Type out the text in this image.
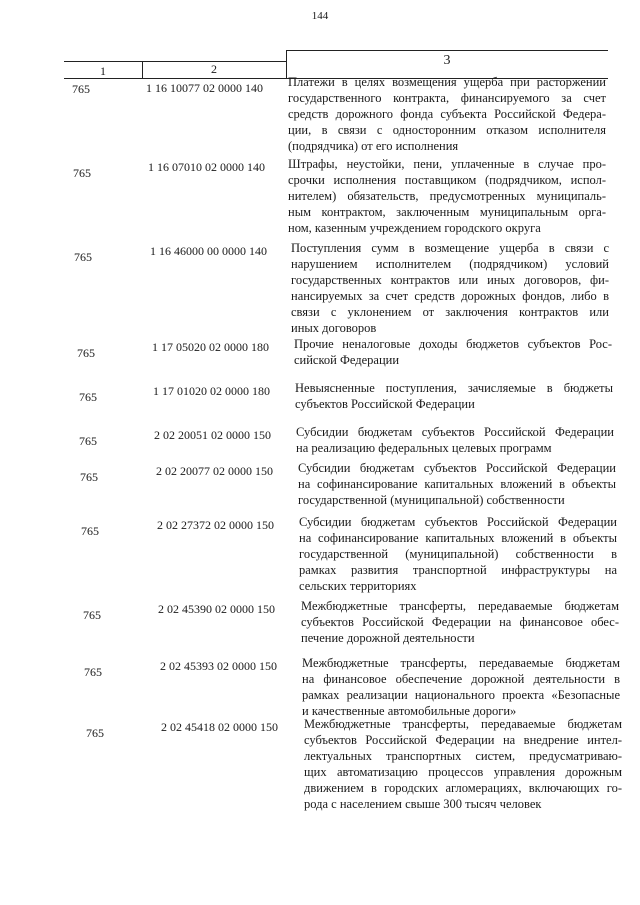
144
1	2
3
765	1 16 10077 02 0000 140 Платежи в целях возмещения ущерба при расторжении
государственного контракта, финансируемого за счет
средств дорожного фонда субъекта Российской Федера-
ции, в связи с односторонним отказом исполнителя
(подрядчика) от его исполнения
765	1 16 07010 02 0000 140 Штрафы, неустойки, пени, уплаченные в случае про-
срочки исполнения поставщиком (подрядчиком, испол-
нителем) обязательств, предусмотренных муниципаль-
ным контрактом, заключенным муниципальным орга-
ном, казенным учреждением городского округа
765	1 16 46000 00 0000 140 Поступления сумм в возмещение ущерба в связи с
нарушением исполнителем (подрядчиком) условий
государственных контрактов или иных договоров, фи-
нансируемых за счет средств дорожных фондов, либо в
связи с уклонением от заключения контрактов или
иных договоров
765	1 17 05020 02 0000 180 Прочие неналоговые доходы бюджетов субъектов Рос-
сийской Федерации
765	1 17 01020 02 0000 180 Невыясненные поступления, зачисляемые в бюджеты
субъектов Российской Федерации
765	2 02 20051 02 0000 150 Субсидии бюджетам субъектов Российской Федерации
на реализацию федеральных целевых программ
765	2 02 20077 02 0000 150 Субсидии бюджетам субъектов Российской Федерации
на софинансирование капитальных вложений в объекты
государственной (муниципальной) собственности
765	2 02 27372 02 0000 150 Субсидии бюджетам субъектов Российской Федерации
на софинансирование капитальных вложений в объекты
государственной (муниципальной) собственности в
рамках развития транспортной инфраструктуры на
сельских территориях
765	2 02 45390 02 0000 150 Межбюджетные трансферты, передаваемые бюджетам
субъектов Российской Федерации на финансовое обес-
печение дорожной деятельности
765	2 02 45393 02 0000 150 Межбюджетные трансферты, передаваемые бюджетам
на финансовое обеспечение дорожной деятельности в
рамках реализации национального проекта «Безопасные
и качественные автомобильные дороги»
765	2 02 45418 02 0000 150 Межбюджетные трансферты, передаваемые бюджетам
субъектов Российской Федерации на внедрение интел-
лектуальных транспортных систем, предусматриваю-
щих автоматизацию процессов управления дорожным
движением в городских агломерациях, включающих го-
рода с населением свыше 300 тысяч человек
